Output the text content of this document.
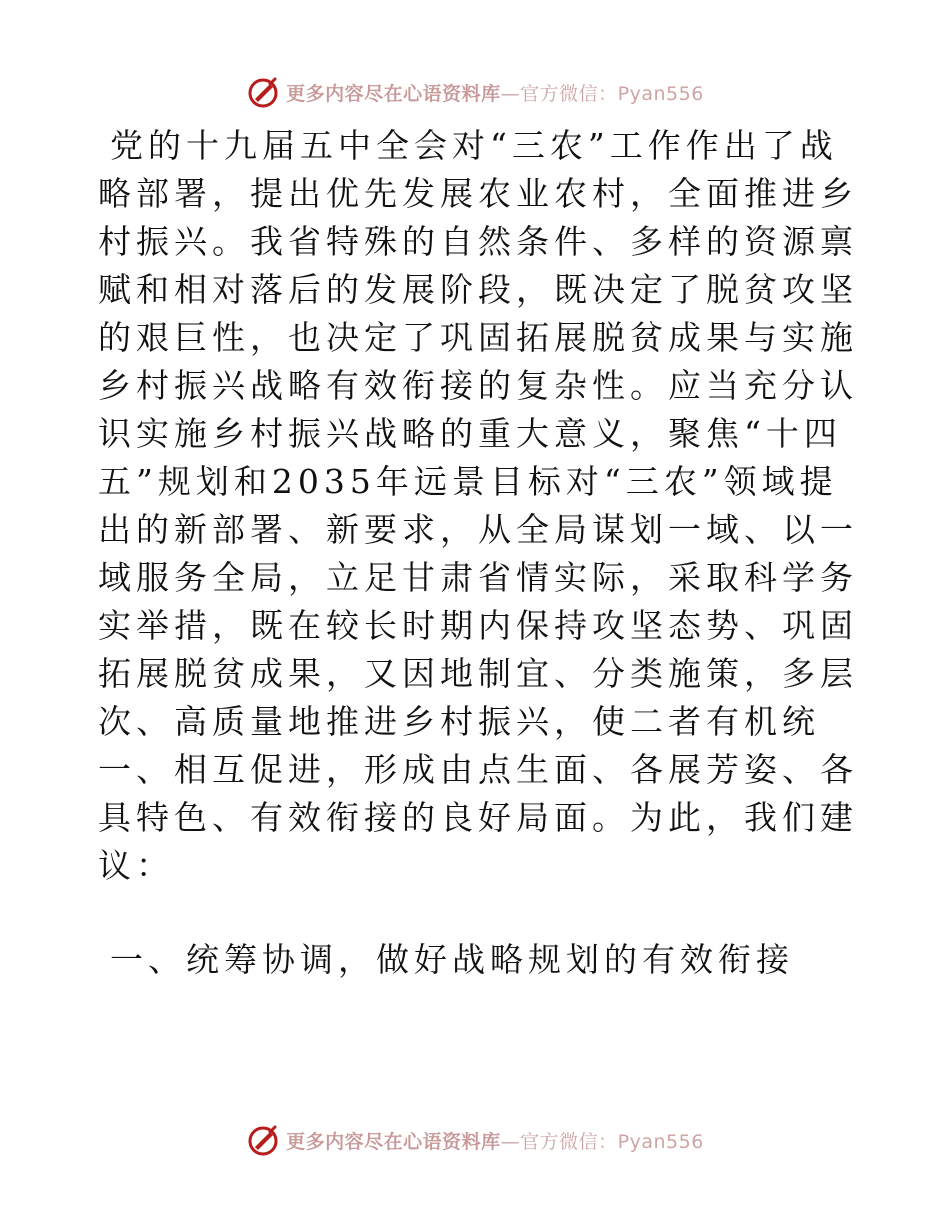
更多内容尽在心语资料库—官方微信：Pyan556

党的十九届五中全会对“三农”工作作出了战略部署，提出优先发展农业农村，全面推进乡村振兴。我省特殊的自然条件、多样的资源禀赋和相对落后的发展阶段，既决定了脱贫攻坚的艰巨性，也决定了巩固拓展脱贫成果与实施乡村振兴战略有效衔接的复杂性。应当充分认识实施乡村振兴战略的重大意义，聚焦“十四五”规划和2035年远景目标对“三农”领域提出的新部署、新要求，从全局谋划一域、以一域服务全局，立足甘肃省情实际，采取科学务实举措，既在较长时期内保持攻坚态势、巩固拓展脱贫成果，又因地制宜、分类施策，多层次、高质量地推进乡村振兴，使二者有机统一、相互促进，形成由点生面、各展芳姿、各具特色、有效衔接的良好局面。为此，我们建议：

一、统筹协调，做好战略规划的有效衔接
更多内容尽在心语资料库—官方微信：Pyan556
